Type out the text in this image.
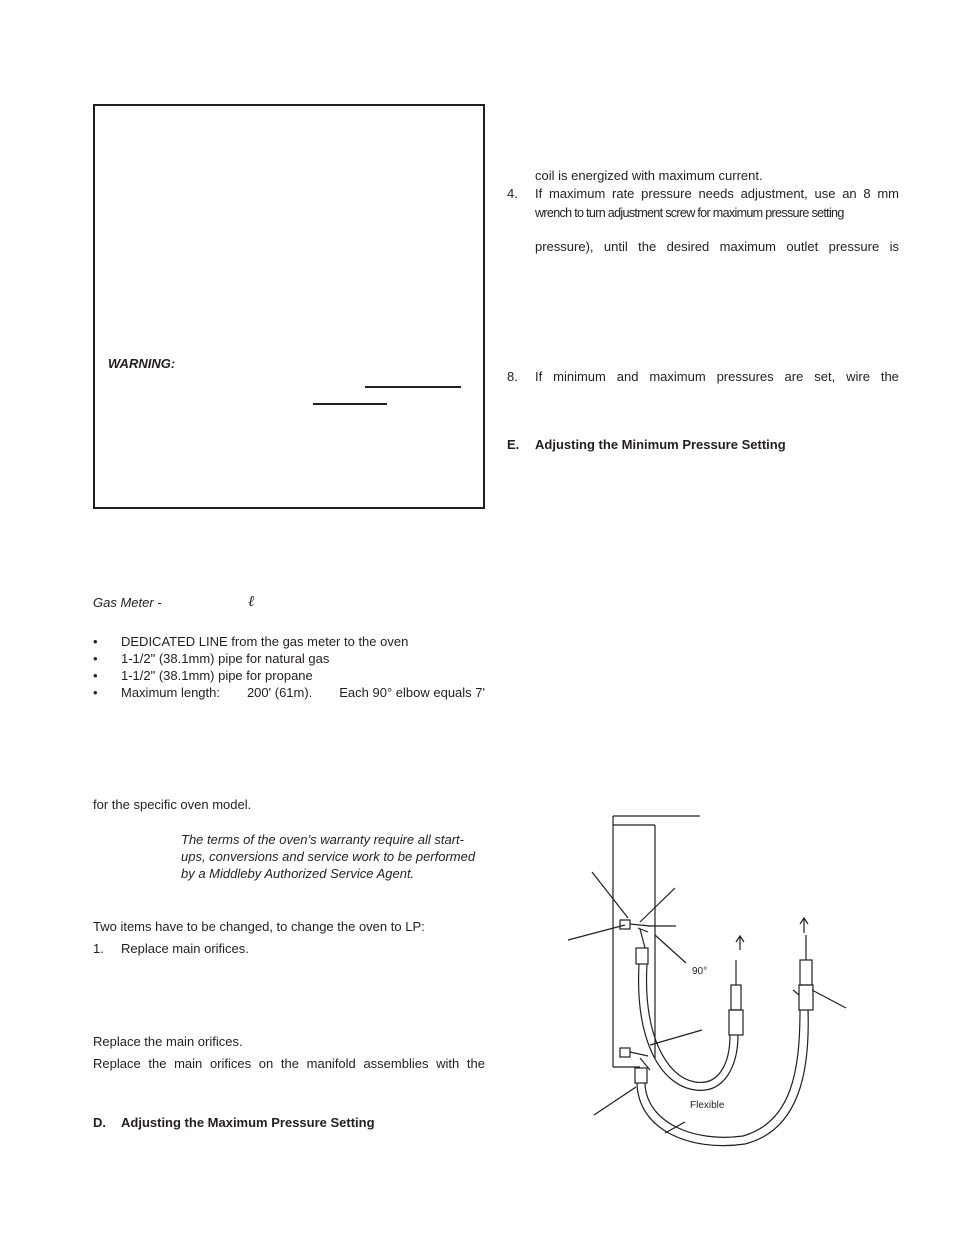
WARNING:
Gas Meter -	ℓ
• DEDICATED LINE from the gas meter to the oven
• 1-1/2" (38.1mm) pipe for natural gas
• 1-1/2" (38.1mm) pipe for propane
• Maximum length: 200' (61m). Each 90° elbow equals 7'
for the specific oven model.
The terms of the oven’s warranty require all start-
ups, conversions and service work to be performed
by a Middleby Authorized Service Agent.
Two items have to be changed, to change the oven to LP:
1. Replace main orifices.
Replace the main orifices.
Replace the main orifices on the manifold assemblies with the
D. Adjusting the Maximum Pressure Setting
coil is energized with maximum current.
4. If maximum rate pressure needs adjustment, use an 8 mm
wrench to turn adjustment screw for maximum pressure setting
pressure), until the desired maximum outlet pressure is
8. If minimum and maximum pressures are set, wire the
E. Adjusting the Minimum Pressure Setting
90°
Flexible
